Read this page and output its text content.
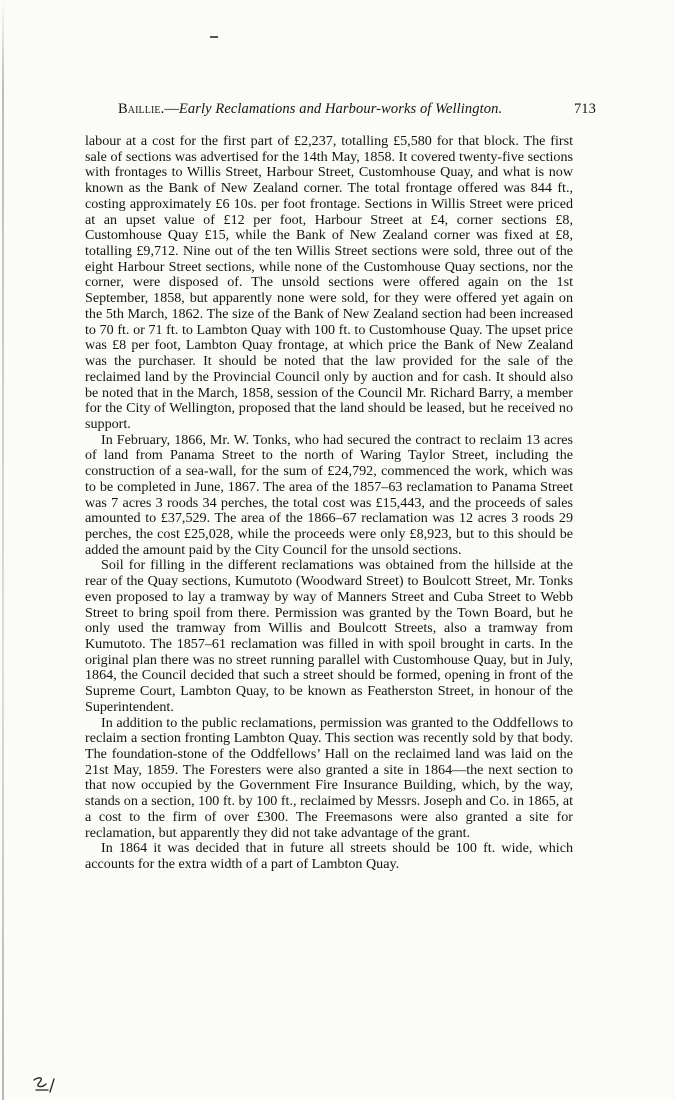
Baillie.—Early Reclamations and Harbour-works of Wellington.	713

labour at a cost for the first part of £2,237, totalling £5,580 for that block. The first sale of sections was advertised for the 14th May, 1858. It covered twenty-five sections with frontages to Willis Street, Harbour Street, Customhouse Quay, and what is now known as the Bank of New Zealand corner. The total frontage offered was 844 ft., costing approximately £6 10s. per foot frontage. Sections in Willis Street were priced at an upset value of £12 per foot, Harbour Street at £4, corner sections £8, Customhouse Quay £15, while the Bank of New Zealand corner was fixed at £8, totalling £9,712. Nine out of the ten Willis Street sections were sold, three out of the eight Harbour Street sections, while none of the Customhouse Quay sections, nor the corner, were disposed of. The unsold sections were offered again on the 1st September, 1858, but apparently none were sold, for they were offered yet again on the 5th March, 1862. The size of the Bank of New Zealand section had been increased to 70 ft. or 71 ft. to Lambton Quay with 100 ft. to Customhouse Quay. The upset price was £8 per foot, Lambton Quay frontage, at which price the Bank of New Zealand was the purchaser. It should be noted that the law provided for the sale of the reclaimed land by the Provincial Council only by auction and for cash. It should also be noted that in the March, 1858, session of the Council Mr. Richard Barry, a member for the City of Wellington, proposed that the land should be leased, but he received no support.

In February, 1866, Mr. W. Tonks, who had secured the contract to reclaim 13 acres of land from Panama Street to the north of Waring Taylor Street, including the construction of a sea-wall, for the sum of £24,792, commenced the work, which was to be completed in June, 1867. The area of the 1857–63 reclamation to Panama Street was 7 acres 3 roods 34 perches, the total cost was £15,443, and the proceeds of sales amounted to £37,529. The area of the 1866–67 reclamation was 12 acres 3 roods 29 perches, the cost £25,028, while the proceeds were only £8,923, but to this should be added the amount paid by the City Council for the unsold sections.

Soil for filling in the different reclamations was obtained from the hillside at the rear of the Quay sections, Kumutoto (Woodward Street) to Boulcott Street, Mr. Tonks even proposed to lay a tramway by way of Manners Street and Cuba Street to Webb Street to bring spoil from there. Permission was granted by the Town Board, but he only used the tramway from Willis and Boulcott Streets, also a tramway from Kumutoto. The 1857–61 reclamation was filled in with spoil brought in carts. In the original plan there was no street running parallel with Customhouse Quay, but in July, 1864, the Council decided that such a street should be formed, opening in front of the Supreme Court, Lambton Quay, to be known as Featherston Street, in honour of the Superintendent.

In addition to the public reclamations, permission was granted to the Oddfellows to reclaim a section fronting Lambton Quay. This section was recently sold by that body. The foundation-stone of the Oddfellows’ Hall on the reclaimed land was laid on the 21st May, 1859. The Foresters were also granted a site in 1864—the next section to that now occupied by the Government Fire Insurance Building, which, by the way, stands on a section, 100 ft. by 100 ft., reclaimed by Messrs. Joseph and Co. in 1865, at a cost to the firm of over £300. The Freemasons were also granted a site for reclamation, but apparently they did not take advantage of the grant.

In 1864 it was decided that in future all streets should be 100 ft. wide, which accounts for the extra width of a part of Lambton Quay.
